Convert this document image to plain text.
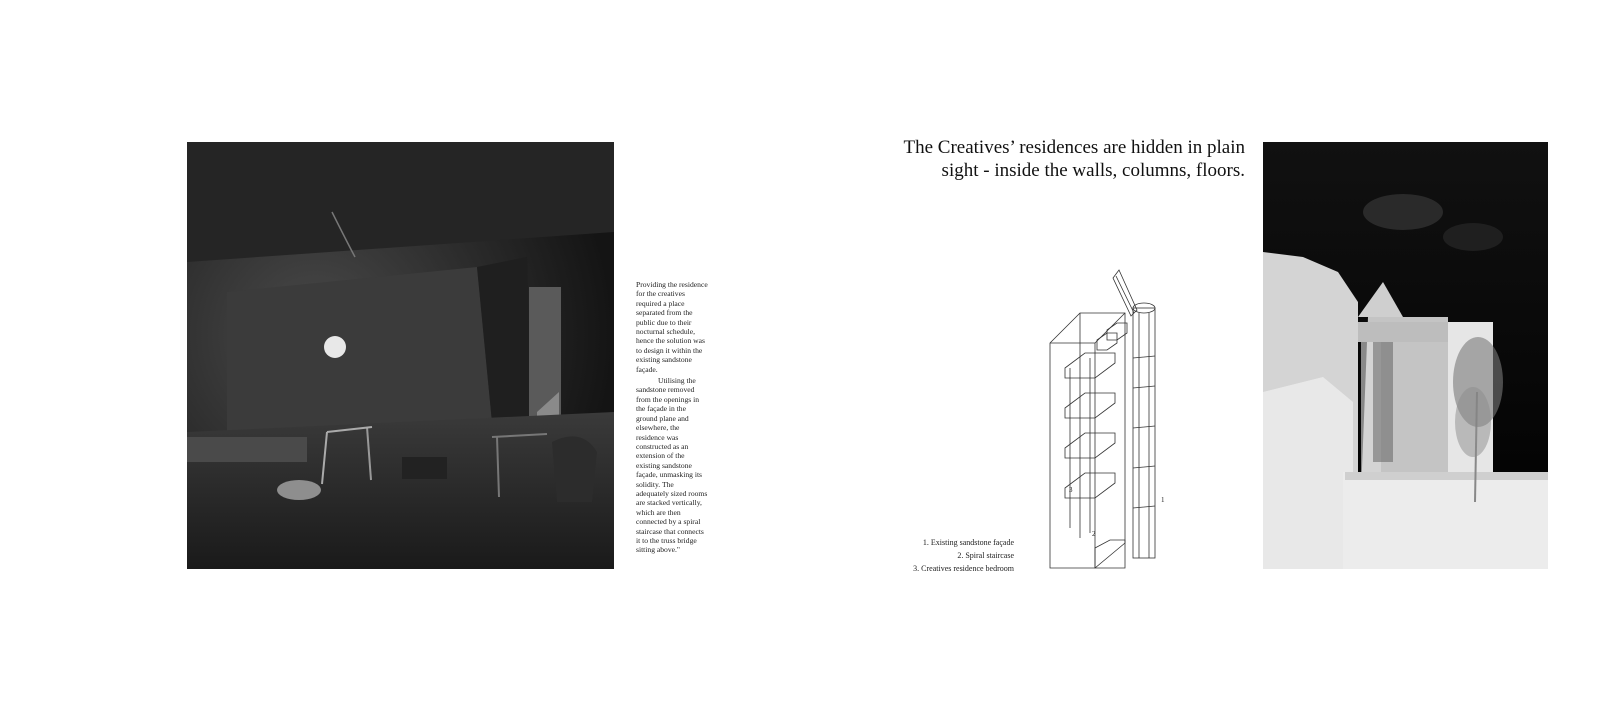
Providing the residence for the creatives required a place separated from the public due to their nocturnal schedule, hence the solution was to design it within the existing sandstone façade.

Utilising the sandstone removed from the openings in the façade in the ground plane and elsewhere, the residence was constructed as an extension of the existing sandstone façade, unmasking its solidity. The adequately sized rooms are stacked vertically, which are then connected by a spiral staircase that connects it to the truss bridge sitting above."

The Creatives’ residences are hidden in plain sight - inside the walls, columns, floors.
3
1
2
1. Existing sandstone façade
2. Spiral staircase
3. Creatives residence bedroom
